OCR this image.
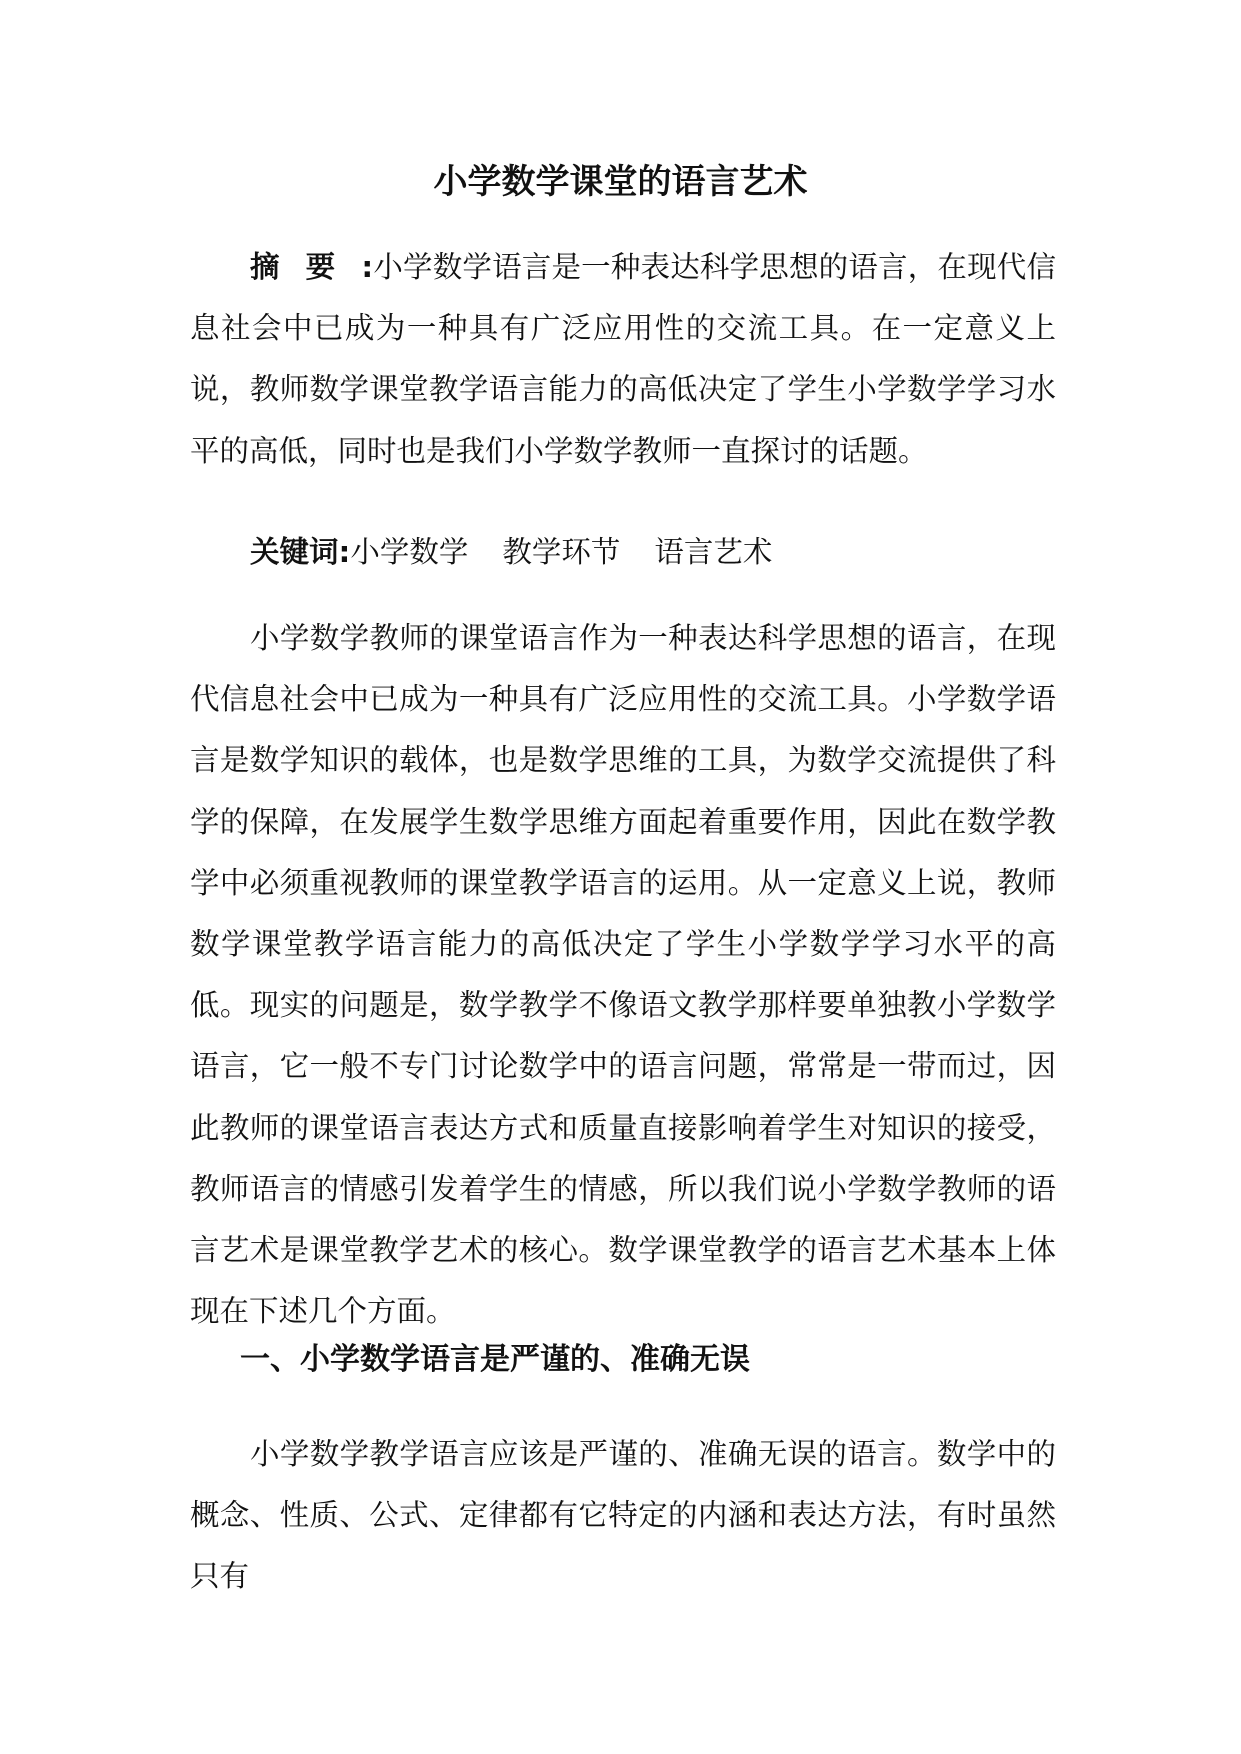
小学数学课堂的语言艺术

摘要:小学数学语言是一种表达科学思想的语言，在现代信息社会中已成为一种具有广泛应用性的交流工具。在一定意义上说，教师数学课堂教学语言能力的高低决定了学生小学数学学习水平的高低，同时也是我们小学数学教师一直探讨的话题。

关键词:小学数学 教学环节 语言艺术

小学数学教师的课堂语言作为一种表达科学思想的语言，在现代信息社会中已成为一种具有广泛应用性的交流工具。小学数学语言是数学知识的载体，也是数学思维的工具，为数学交流提供了科学的保障，在发展学生数学思维方面起着重要作用，因此在数学教学中必须重视教师的课堂教学语言的运用。从一定意义上说，教师数学课堂教学语言能力的高低决定了学生小学数学学习水平的高低。现实的问题是，数学教学不像语文教学那样要单独教小学数学语言，它一般不专门讨论数学中的语言问题，常常是一带而过，因此教师的课堂语言表达方式和质量直接影响着学生对知识的接受，教师语言的情感引发着学生的情感，所以我们说小学数学教师的语言艺术是课堂教学艺术的核心。数学课堂教学的语言艺术基本上体现在下述几个方面。

一、小学数学语言是严谨的、准确无误

小学数学教学语言应该是严谨的、准确无误的语言。数学中的概念、性质、公式、定律都有它特定的内涵和表达方法，有时虽然只有
